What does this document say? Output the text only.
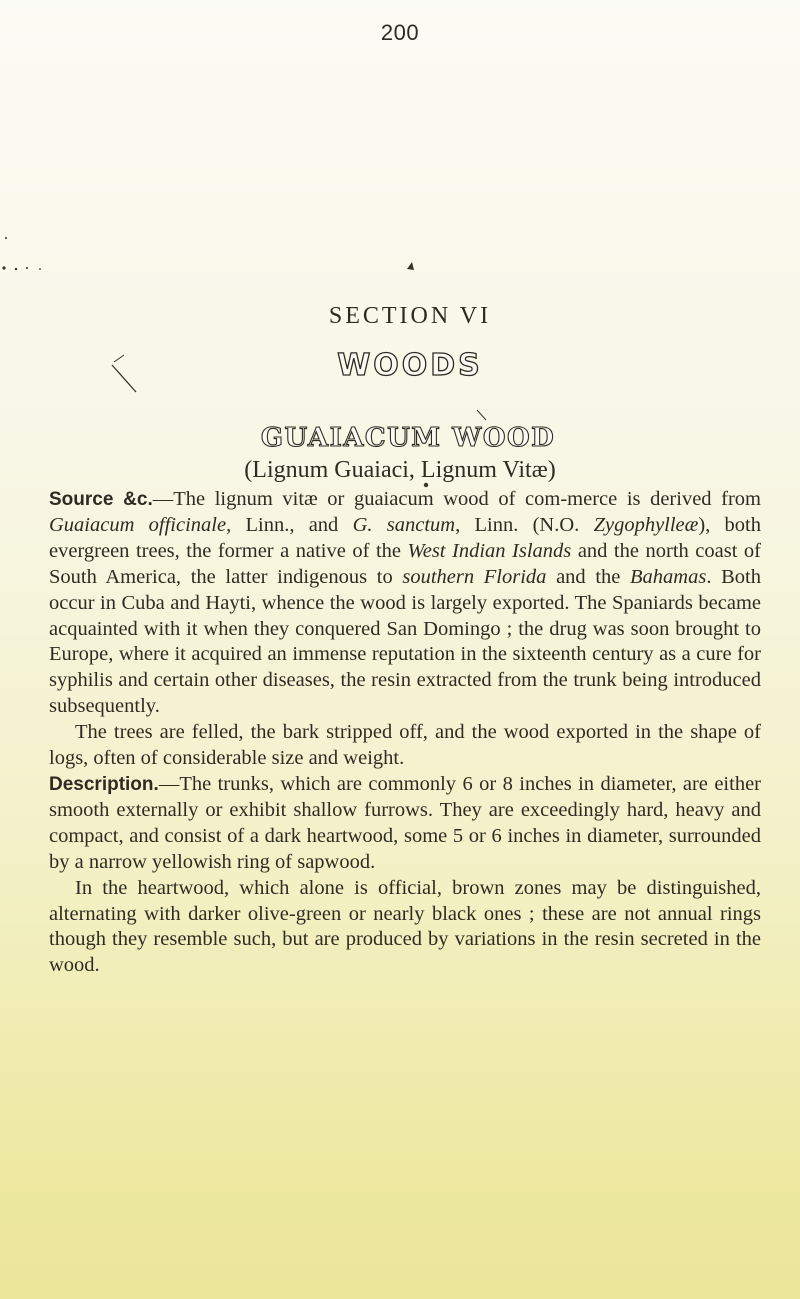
200
SECTION VI
WOODS
GUAIACUM WOOD
(Lignum Guaiaci, Lignum Vitæ)

Source &c.—The lignum vitæ or guaiacum wood of com-merce is derived from Guaiacum officinale, Linn., and G. sanctum, Linn. (N.O. Zygophylleæ), both evergreen trees, the former a native of the West Indian Islands and the north coast of South America, the latter indigenous to southern Florida and the Bahamas. Both occur in Cuba and Hayti, whence the wood is largely exported. The Spaniards became acquainted with it when they conquered San Domingo ; the drug was soon brought to Europe, where it acquired an immense reputation in the sixteenth century as a cure for syphilis and certain other diseases, the resin extracted from the trunk being introduced subsequently.

The trees are felled, the bark stripped off, and the wood exported in the shape of logs, often of considerable size and weight.

Description.—The trunks, which are commonly 6 or 8 inches in diameter, are either smooth externally or exhibit shallow furrows. They are exceedingly hard, heavy and compact, and consist of a dark heartwood, some 5 or 6 inches in diameter, surrounded by a narrow yellowish ring of sapwood.

In the heartwood, which alone is official, brown zones may be distinguished, alternating with darker olive-green or nearly black ones ; these are not annual rings though they resemble such, but are produced by variations in the resin secreted in the wood.
